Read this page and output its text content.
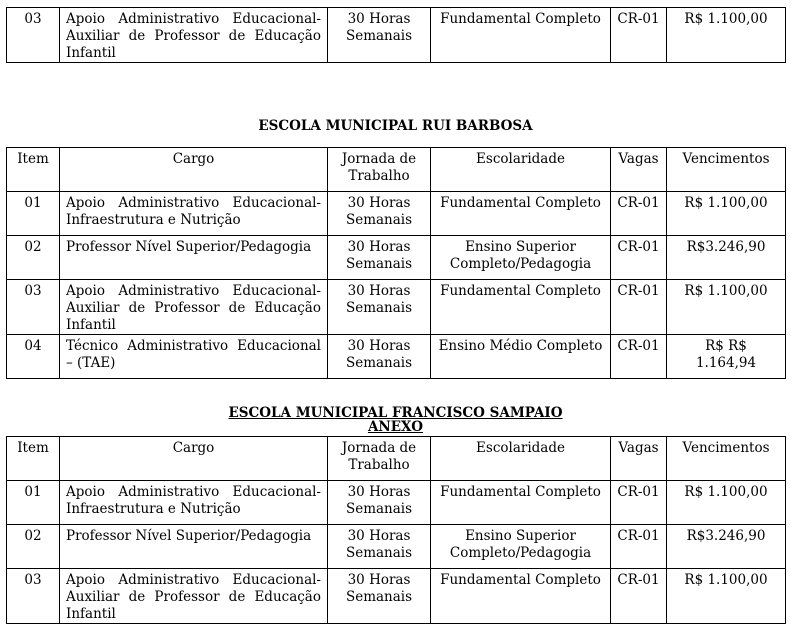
03	Apoio Administrativo Educacional-Auxiliar de Professor de Educação Infantil	30 Horas Semanais	Fundamental Completo	CR-01	R$ 1.100,00
ESCOLA MUNICIPAL RUI BARBOSA
Item	Cargo	Jornada de Trabalho	Escolaridade	Vagas	Vencimentos
01	Apoio Administrativo Educacional-Infraestrutura e Nutrição	30 Horas Semanais	Fundamental Completo	CR-01	R$ 1.100,00
02	Professor Nível Superior/Pedagogia	30 Horas Semanais	Ensino Superior Completo/Pedagogia	CR-01	R$3.246,90
03	Apoio Administrativo Educacional-Auxiliar de Professor de Educação Infantil	30 Horas Semanais	Fundamental Completo	CR-01	R$ 1.100,00
04	Técnico Administrativo Educacional – (TAE)	30 Horas Semanais	Ensino Médio Completo	CR-01	R$ R$ 1.164,94
ESCOLA MUNICIPAL FRANCISCO SAMPAIO
ANEXO
Item	Cargo	Jornada de Trabalho	Escolaridade	Vagas	Vencimentos
01	Apoio Administrativo Educacional-Infraestrutura e Nutrição	30 Horas Semanais	Fundamental Completo	CR-01	R$ 1.100,00
02	Professor Nível Superior/Pedagogia	30 Horas Semanais	Ensino Superior Completo/Pedagogia	CR-01	R$3.246,90
03	Apoio Administrativo Educacional-Auxiliar de Professor de Educação Infantil	30 Horas Semanais	Fundamental Completo	CR-01	R$ 1.100,00
